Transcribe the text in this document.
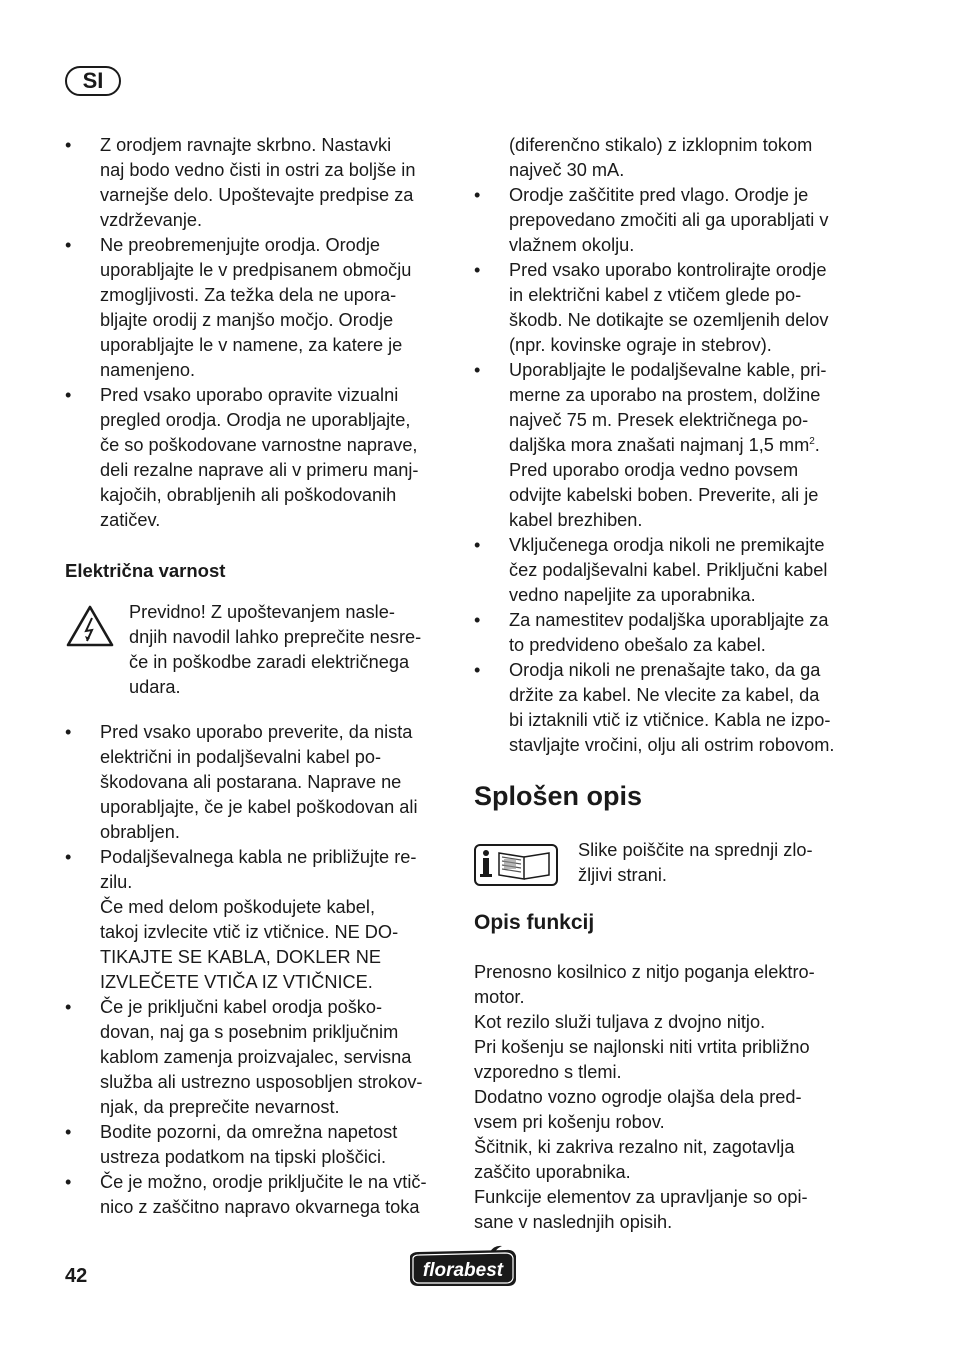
SI
• Z orodjem ravnajte skrbno. Nastavki
naj bodo vedno čisti in ostri za boljše in
varnejše delo. Upoštevajte predpise za
vzdrževanje.
• Ne preobremenjujte orodja. Orodje
uporabljajte le v predpisanem območju
zmogljivosti. Za težka dela ne upora-
bljajte orodij z manjšo močjo. Orodje
uporabljajte le v namene, za katere je
namenjeno.
• Pred vsako uporabo opravite vizualni
pregled orodja. Orodja ne uporabljajte,
če so poškodovane varnostne naprave,
deli rezalne naprave ali v primeru manj-
kajočih, obrabljenih ali poškodovanih
zatičev.
Električna varnost
Previdno! Z upoštevanjem nasle-
dnjih navodil lahko preprečite nesre-
če in poškodbe zaradi električnega
udara.
• Pred vsako uporabo preverite, da nista
električni in podaljševalni kabel po-
škodovana ali postarana. Naprave ne
uporabljajte, če je kabel poškodovan ali
obrabljen.
• Podaljševalnega kabla ne približujte re-
zilu.
Če med delom poškodujete kabel,
takoj izvlecite vtič iz vtičnice. NE DO-
TIKAJTE SE KABLA, DOKLER NE
IZVLEČETE VTIČA IZ VTIČNICE.
• Če je priključni kabel orodja poško-
dovan, naj ga s posebnim priključnim
kablom zamenja proizvajalec, servisna
služba ali ustrezno usposobljen strokov-
njak, da preprečite nevarnost.
• Bodite pozorni, da omrežna napetost
ustreza podatkom na tipski ploščici.
• Če je možno, orodje priključite le na vtič-
nico z zaščitno napravo okvarnega toka
(diferenčno stikalo) z izklopnim tokom
največ 30 mA.
• Orodje zaščitite pred vlago. Orodje je
prepovedano zmočiti ali ga uporabljati v
vlažnem okolju.
• Pred vsako uporabo kontrolirajte orodje
in električni kabel z vtičem glede po-
škodb. Ne dotikajte se ozemljenih delov
(npr. kovinske ograje in stebrov).
• Uporabljajte le podaljševalne kable, pri-
merne za uporabo na prostem, dolžine
največ 75 m. Presek električnega po-
daljška mora znašati najmanj 1,5 $mm^2$.
Pred uporabo orodja vedno povsem
odvijte kabelski boben. Preverite, ali je
kabel brezhiben.
• Vključenega orodja nikoli ne premikajte
čez podaljševalni kabel. Priključni kabel
vedno napeljite za uporabnika.
• Za namestitev podaljška uporabljajte za
to predvideno obešalo za kabel.
• Orodja nikoli ne prenašajte tako, da ga
držite za kabel. Ne vlecite za kabel, da
bi iztaknili vtič iz vtičnice. Kabla ne izpo-
stavljajte vročini, olju ali ostrim robovom.
Splošen opis
Slike poiščite na sprednji zlo-
žljivi strani.
Opis funkcij
Prenosno kosilnico z nitjo poganja elektro-
motor.
Kot rezilo služi tuljava z dvojno nitjo.
Pri košenju se najlonski niti vrtita približno
vzporedno s tlemi.
Dodatno vozno ogrodje olajša dela pred-
vsem pri košenju robov.
Ščitnik, ki zakriva rezalno nit, zagotavlja
zaščito uporabnika.
Funkcije elementov za upravljanje so opi-
sane v naslednjih opisih.
42	florabest
